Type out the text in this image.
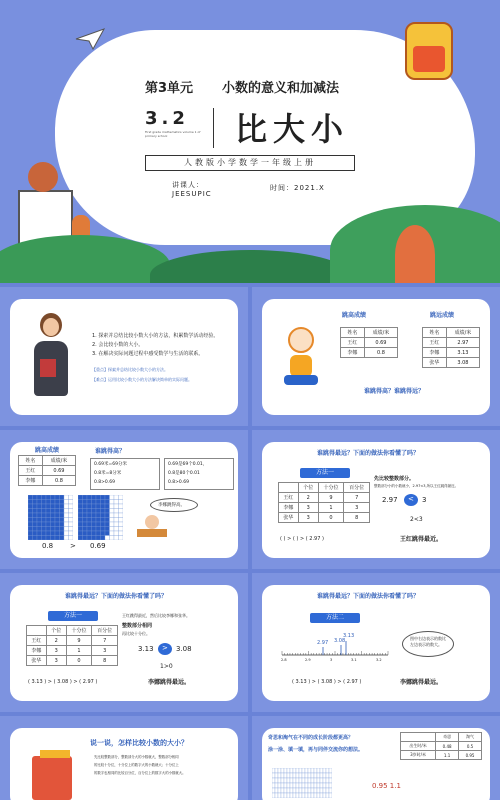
第3单元 小数的意义和加减法
3.2
First grade mathematics volume 1 of primary school	比大小
人教版小学数学一年级上册
讲课人：JEESUPIC
时间：2021.X
1. 探索并总结比较小数大小的方法，积累数学活动经验。
2. 会比较小数的大小。
3. 在解决实际问题过程中感受数学与生活的联系。
【重点】探索并总结比较小数大小的方法。
【难点】运用比较小数大小的方法解决简单的实际问题。
跳高成绩
姓名	成绩/米
王红	0.69
李娜	0.8
跳远成绩
姓名	成绩/米
王红	2.97
李娜	3.13
张华	3.08
谁跳得高？谁跳得远？
跳高成绩
姓名	成绩/米
王红	0.69
李娜	0.8
谁跳得高？
0.69米=69分米
0.8米=8分米
0.8>0.69
0.69是69个0.01，
0.8是80个0.01
0.8>0.69
0.8 > 0.69
李娜跳得高。
谁跳得最远？下面的做法你看懂了吗？
方法一
	个位	十分位	百分位
王红	2	9	7
李娜	3	1	3
张华	3	0	8
先比较整数部分。
整数部分小的小数就小，2.97<3,所以王红跳得最近。
2.97 < 3
2<3
( ) > ( ) > ( 2.97 )	王红跳得最近。
谁跳得最远？下面的做法你看懂了吗？
方法一
	个位	十分位	百分位
王红	2	9	7
李娜	3	1	3
张华	3	0	8
王红跳得最近，然后比较李娜和张华。
整数部分相同
再比较十分位。
3.13 > 3.08
1>0
( 3.13 ) > ( 3.08 ) > ( 2.97 )	李娜跳得最远。
谁跳得最远？下面的做法你看懂了吗？
方法二
2.97 3.08
3.13
2.8	2.9	3	3.1	3.2
图中右边表示的数比左边表示的数大。
( 3.13 ) > ( 3.08 ) > ( 2.97 )	李娜跳得最远。
说一说，怎样比较小数的大小？
先比较整数部分，整数部分大的小数就大，整数部分相同
的比较十分位，十分位上的数字大的小数就大；十分位上
的数字也相同的比较百分位，百分位上的数字大的小数就大。
奇思和淘气在不同的成长阶段都更高？
涂一涂、填一填，再与同伴交流你的想法。
	奇思	淘气
出生时/米	0.48	0.5
3岁时/米	1.1	0.95
0.95 1.1
